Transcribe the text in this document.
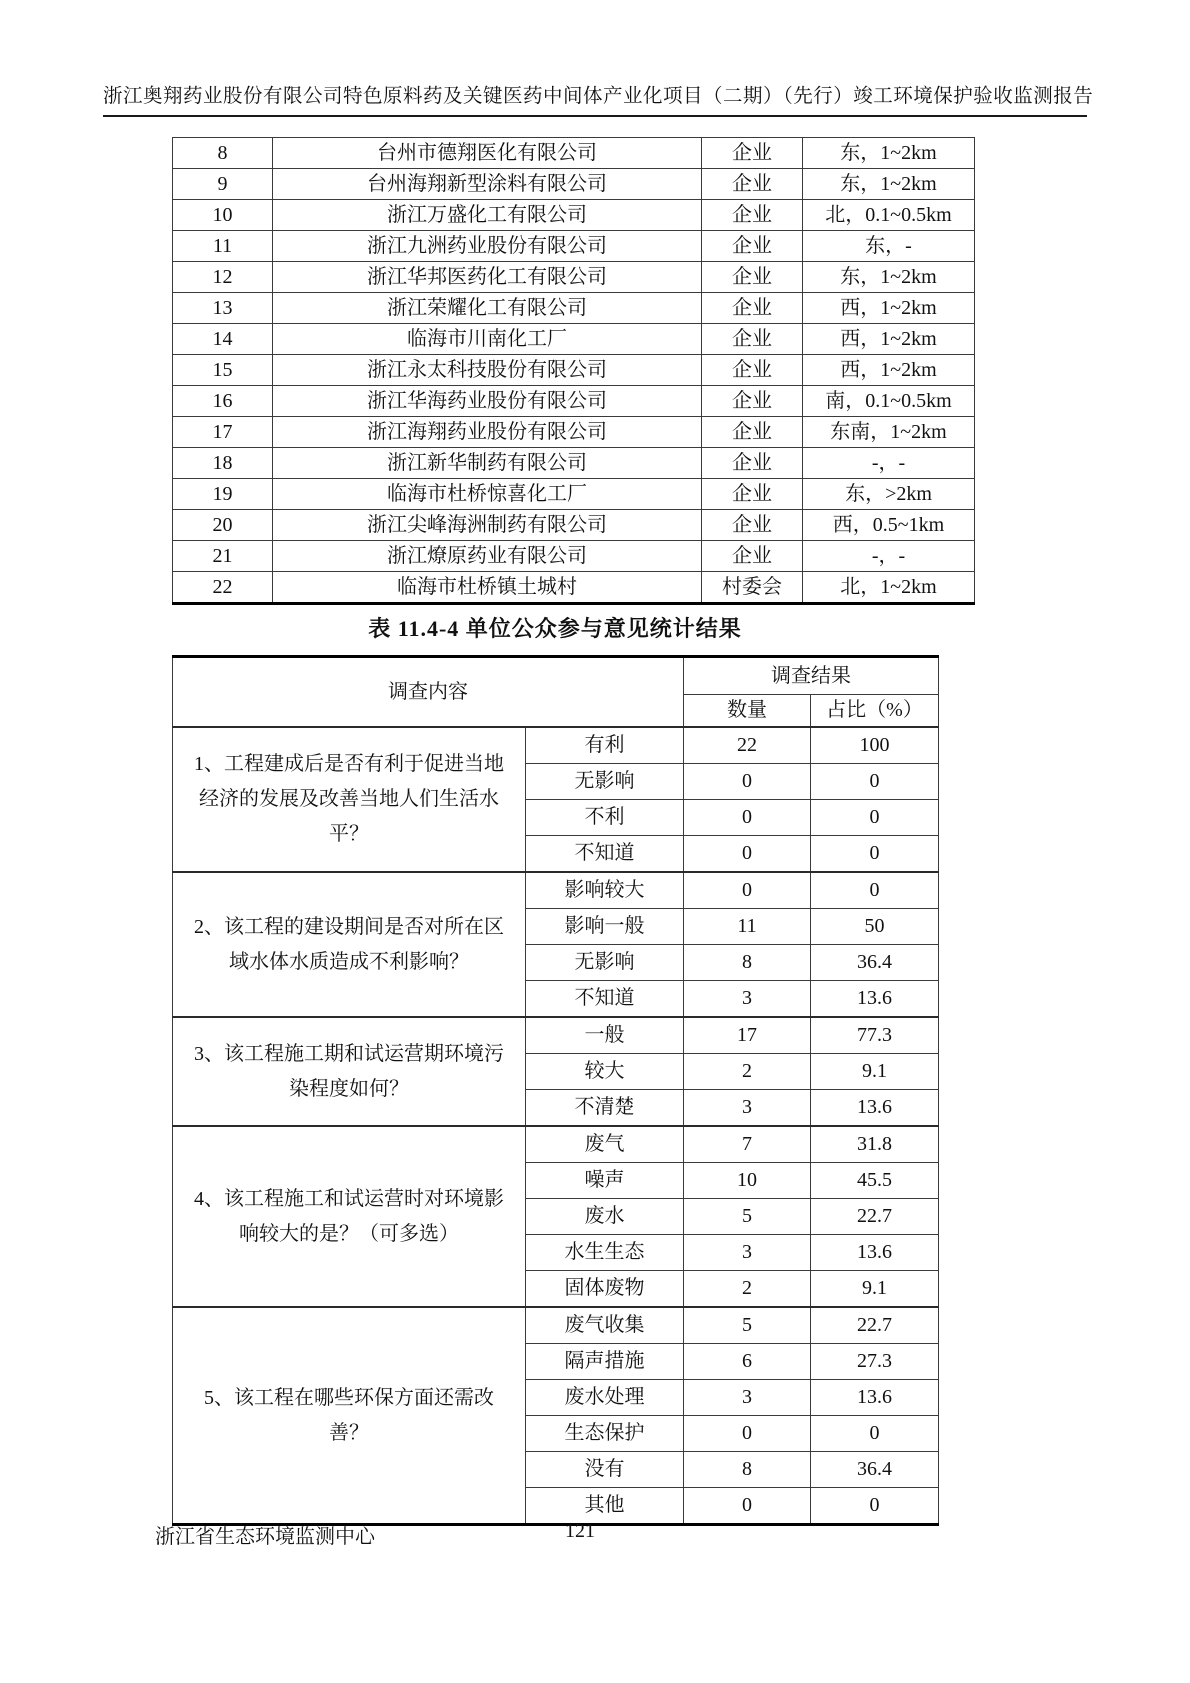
浙江奥翔药业股份有限公司特色原料药及关键医药中间体产业化项目（二期）（先行）竣工环境保护验收监测报告
8	台州市德翔医化有限公司	企业	东，1~2km
9	台州海翔新型涂料有限公司	企业	东，1~2km
10	浙江万盛化工有限公司	企业	北，0.1~0.5km
11	浙江九洲药业股份有限公司	企业	东，-
12	浙江华邦医药化工有限公司	企业	东，1~2km
13	浙江荣耀化工有限公司	企业	西，1~2km
14	临海市川南化工厂	企业	西，1~2km
15	浙江永太科技股份有限公司	企业	西，1~2km
16	浙江华海药业股份有限公司	企业	南，0.1~0.5km
17	浙江海翔药业股份有限公司	企业	东南，1~2km
18	浙江新华制药有限公司	企业	-，-
19	临海市杜桥惊喜化工厂	企业	东，>2km
20	浙江尖峰海洲制药有限公司	企业	西，0.5~1km
21	浙江燎原药业有限公司	企业	-，-
22	临海市杜桥镇土城村	村委会	北，1~2km
表 11.4-4 单位公众参与意见统计结果
调查内容		调查结果	
		数量	占比（%）
1、工程建成后是否有利于促进当地经济的发展及改善当地人们生活水平？	有利	22	100
	无影响	0	0
	不利	0	0
	不知道	0	0
2、该工程的建设期间是否对所在区域水体水质造成不利影响？	影响较大	0	0
	影响一般	11	50
	无影响	8	36.4
	不知道	3	13.6
3、该工程施工期和试运营期环境污染程度如何？	一般	17	77.3
	较大	2	9.1
	不清楚	3	13.6
4、该工程施工和试运营时对环境影响较大的是？（可多选）	废气	7	31.8
	噪声	10	45.5
	废水	5	22.7
	水生生态	3	13.6
	固体废物	2	9.1
5、该工程在哪些环保方面还需改善？	废气收集	5	22.7
	隔声措施	6	27.3
	废水处理	3	13.6
	生态保护	0	0
	没有	8	36.4
	其他	0	0
浙江省生态环境监测中心	121
